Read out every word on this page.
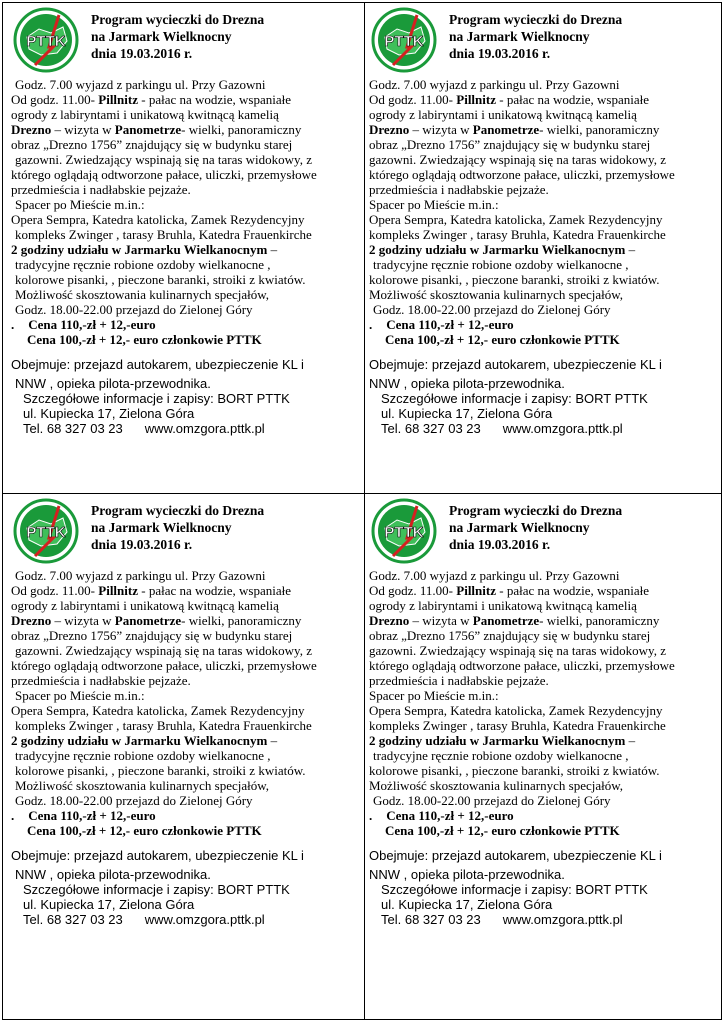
PTTK
Program wycieczki do Drezna
na Jarmark Wielknocny
dnia 19.03.2016 r.
Godz. 7.00 wyjazd z parkingu ul. Przy Gazowni
Od godz. 11.00- Pillnitz - pałac na wodzie, wspaniałe
ogrody z labiryntami i unikatową kwitnącą kamelią
Drezno – wizyta w Panometrze- wielki, panoramiczny
obraz „Drezno 1756” znajdujący się w budynku starej
gazowni. Zwiedzający wspinają się na taras widokowy, z
którego oglądają odtworzone pałace, uliczki, przemysłowe
przedmieścia i nadłabskie pejzaże.
Spacer po Mieście m.in.:
Opera Sempra, Katedra katolicka, Zamek Rezydencyjny
kompleks Zwinger , tarasy Bruhla, Katedra Frauenkirche
2 godziny udziału w Jarmarku Wielkanocnym –
tradycyjne ręcznie robione ozdoby wielkanocne ,
kolorowe pisanki, , pieczone baranki, stroiki z kwiatów.
Możliwość skosztowania kulinarnych specjałów,
Godz. 18.00-22.00 przejazd do Zielonej Góry
. Cena 110,-zł + 12,-euro
Cena 100,-zł + 12,- euro członkowie PTTK
Obejmuje: przejazd autokarem, ubezpieczenie KL i
NNW , opieka pilota-przewodnika.
Szczegółowe informacje i zapisy: BORT PTTK
ul. Kupiecka 17, Zielona Góra
Tel. 68 327 03 23 www.omzgora.pttk.pl
PTTK
Program wycieczki do Drezna
na Jarmark Wielknocny
dnia 19.03.2016 r.
Godz. 7.00 wyjazd z parkingu ul. Przy Gazowni
Od godz. 11.00- Pillnitz - pałac na wodzie, wspaniałe
ogrody z labiryntami i unikatową kwitnącą kamelią
Drezno – wizyta w Panometrze- wielki, panoramiczny
obraz „Drezno 1756” znajdujący się w budynku starej
gazowni. Zwiedzający wspinają się na taras widokowy, z
którego oglądają odtworzone pałace, uliczki, przemysłowe
przedmieścia i nadłabskie pejzaże.
Spacer po Mieście m.in.:
Opera Sempra, Katedra katolicka, Zamek Rezydencyjny
kompleks Zwinger , tarasy Bruhla, Katedra Frauenkirche
2 godziny udziału w Jarmarku Wielkanocnym –
tradycyjne ręcznie robione ozdoby wielkanocne ,
kolorowe pisanki, , pieczone baranki, stroiki z kwiatów.
Możliwość skosztowania kulinarnych specjałów,
Godz. 18.00-22.00 przejazd do Zielonej Góry
. Cena 110,-zł + 12,-euro
Cena 100,-zł + 12,- euro członkowie PTTK
Obejmuje: przejazd autokarem, ubezpieczenie KL i
NNW , opieka pilota-przewodnika.
Szczegółowe informacje i zapisy: BORT PTTK
ul. Kupiecka 17, Zielona Góra
Tel. 68 327 03 23 www.omzgora.pttk.pl
PTTK
Program wycieczki do Drezna
na Jarmark Wielknocny
dnia 19.03.2016 r.
Godz. 7.00 wyjazd z parkingu ul. Przy Gazowni
Od godz. 11.00- Pillnitz - pałac na wodzie, wspaniałe
ogrody z labiryntami i unikatową kwitnącą kamelią
Drezno – wizyta w Panometrze- wielki, panoramiczny
obraz „Drezno 1756” znajdujący się w budynku starej
gazowni. Zwiedzający wspinają się na taras widokowy, z
którego oglądają odtworzone pałace, uliczki, przemysłowe
przedmieścia i nadłabskie pejzaże.
Spacer po Mieście m.in.:
Opera Sempra, Katedra katolicka, Zamek Rezydencyjny
kompleks Zwinger , tarasy Bruhla, Katedra Frauenkirche
2 godziny udziału w Jarmarku Wielkanocnym –
tradycyjne ręcznie robione ozdoby wielkanocne ,
kolorowe pisanki, , pieczone baranki, stroiki z kwiatów.
Możliwość skosztowania kulinarnych specjałów,
Godz. 18.00-22.00 przejazd do Zielonej Góry
. Cena 110,-zł + 12,-euro
Cena 100,-zł + 12,- euro członkowie PTTK
Obejmuje: przejazd autokarem, ubezpieczenie KL i
NNW , opieka pilota-przewodnika.
Szczegółowe informacje i zapisy: BORT PTTK
ul. Kupiecka 17, Zielona Góra
Tel. 68 327 03 23 www.omzgora.pttk.pl
PTTK
Program wycieczki do Drezna
na Jarmark Wielknocny
dnia 19.03.2016 r.
Godz. 7.00 wyjazd z parkingu ul. Przy Gazowni
Od godz. 11.00- Pillnitz - pałac na wodzie, wspaniałe
ogrody z labiryntami i unikatową kwitnącą kamelią
Drezno – wizyta w Panometrze- wielki, panoramiczny
obraz „Drezno 1756” znajdujący się w budynku starej
gazowni. Zwiedzający wspinają się na taras widokowy, z
którego oglądają odtworzone pałace, uliczki, przemysłowe
przedmieścia i nadłabskie pejzaże.
Spacer po Mieście m.in.:
Opera Sempra, Katedra katolicka, Zamek Rezydencyjny
kompleks Zwinger , tarasy Bruhla, Katedra Frauenkirche
2 godziny udziału w Jarmarku Wielkanocnym –
tradycyjne ręcznie robione ozdoby wielkanocne ,
kolorowe pisanki, , pieczone baranki, stroiki z kwiatów.
Możliwość skosztowania kulinarnych specjałów,
Godz. 18.00-22.00 przejazd do Zielonej Góry
. Cena 110,-zł + 12,-euro
Cena 100,-zł + 12,- euro członkowie PTTK
Obejmuje: przejazd autokarem, ubezpieczenie KL i
NNW , opieka pilota-przewodnika.
Szczegółowe informacje i zapisy: BORT PTTK
ul. Kupiecka 17, Zielona Góra
Tel. 68 327 03 23 www.omzgora.pttk.pl
